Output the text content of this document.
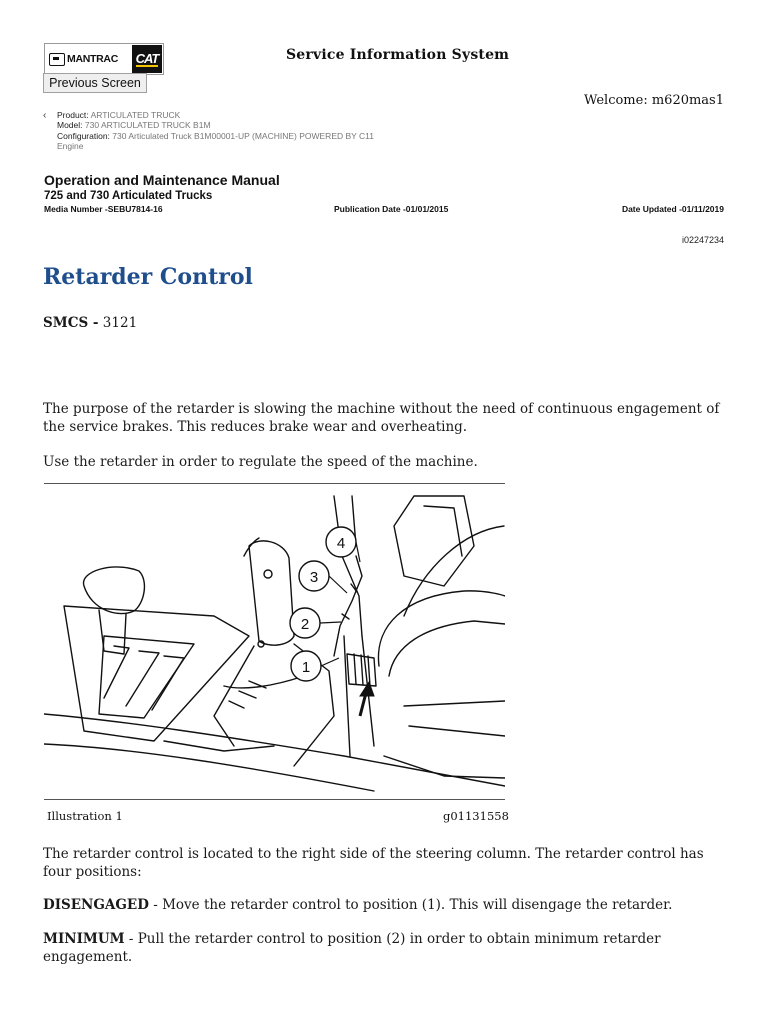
MANTRAC CAT	Service Information System
Previous Screen
Welcome: m620mas1
‹ Product: ARTICULATED TRUCK
Model: 730 ARTICULATED TRUCK B1M
Configuration: 730 Articulated Truck B1M00001-UP (MACHINE) POWERED BY C11
Engine
Operation and Maintenance Manual
725 and 730 Articulated Trucks
Media Number -SEBU7814-16	Publication Date -01/01/2015	Date Updated -01/11/2019
i02247234
Retarder Control
SMCS - 3121
The purpose of the retarder is slowing the machine without the need of continuous engagement of the service brakes. This reduces brake wear and overheating.
Use the retarder in order to regulate the speed of the machine.
1
2
3
4
Illustration 1	g01131558
The retarder control is located to the right side of the steering column. The retarder control has four positions:
DISENGAGED - Move the retarder control to position (1). This will disengage the retarder.
MINIMUM - Pull the retarder control to position (2) in order to obtain minimum retarder engagement.
